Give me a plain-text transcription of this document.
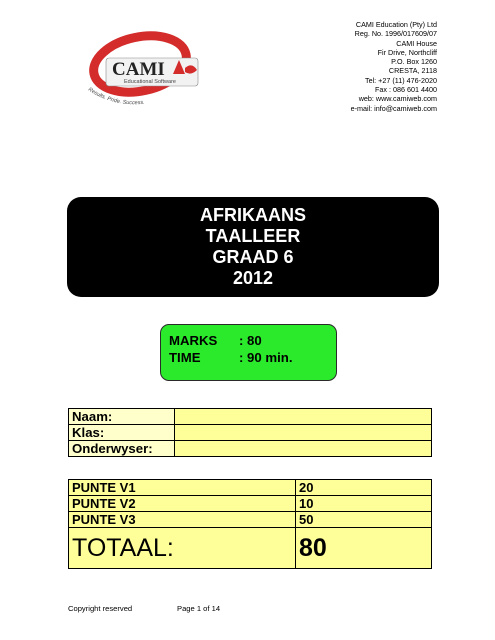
CAMI
Educational Software
Results. Pride. Success.
CAMI Education (Pty) Ltd
Reg. No. 1996/017609/07
CAMI House
Fir Drive, Northcliff
P.O. Box 1260
CRESTA, 2118
Tel: +27 (11) 476-2020
Fax : 086 601 4400
web: www.camiweb.com
e-mail: info@camiweb.com
AFRIKAANS
TAALLEER
GRAAD 6
2012
MARKS	: 80
TIME	: 90 min.
Naam:	
Klas:	
Onderwyser:	
PUNTE V1	20
PUNTE V2	10
PUNTE V3	50
TOTAAL:	80
Copyright reserved	Page 1 of 14
